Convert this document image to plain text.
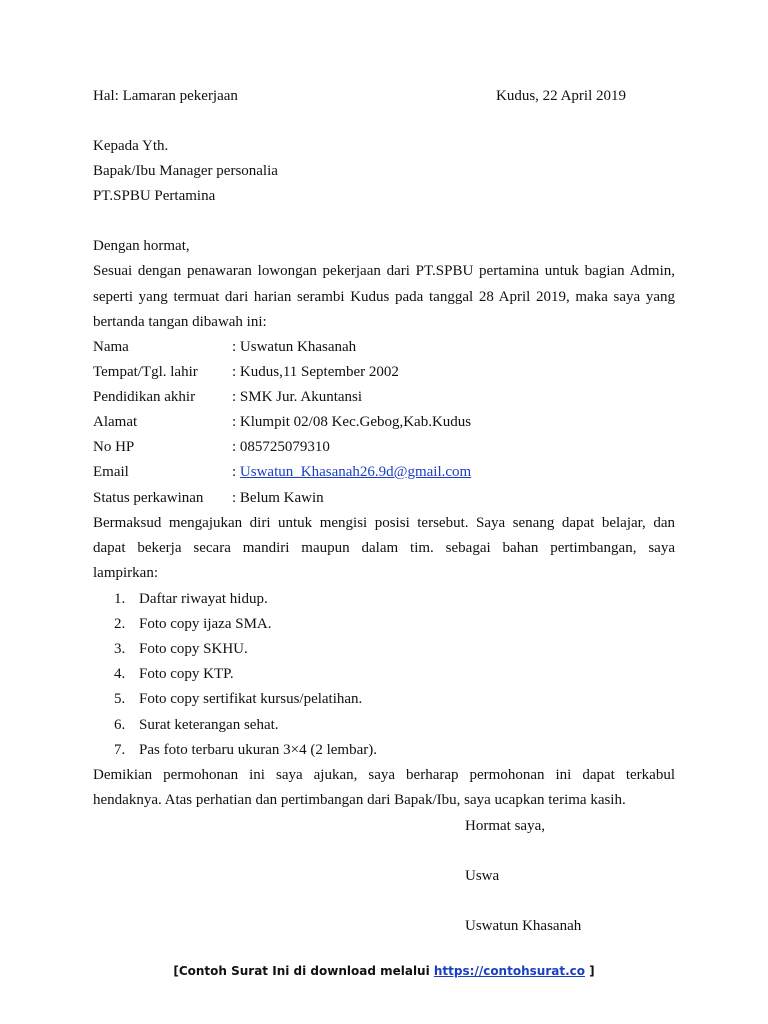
Hal: Lamaran pekerjaan	Kudus, 22 April 2019
Kepada Yth.
Bapak/Ibu Manager personalia
PT.SPBU Pertamina
Dengan hormat,
Sesuai dengan penawaran lowongan pekerjaan dari PT.SPBU pertamina untuk bagian Admin,
seperti yang termuat dari harian serambi Kudus pada tanggal 28 April 2019, maka saya yang
bertanda tangan dibawah ini:
Nama	: Uswatun Khasanah
Tempat/Tgl. lahir : Kudus,11 September 2002
Pendidikan akhir : SMK Jur. Akuntansi
Alamat	: Klumpit 02/08 Kec.Gebog,Kab.Kudus
No HP	: 085725079310
Email	: Uswatun_Khasanah26.9d@gmail.com
Status perkawinan : Belum Kawin
Bermaksud mengajukan diri untuk mengisi posisi tersebut. Saya senang dapat belajar, dan
dapat bekerja secara mandiri maupun dalam tim. sebagai bahan pertimbangan, saya
lampirkan:
1. Daftar riwayat hidup.
2. Foto copy ijaza SMA.
3. Foto copy SKHU.
4. Foto copy KTP.
5. Foto copy sertifikat kursus/pelatihan.
6. Surat keterangan sehat.
7. Pas foto terbaru ukuran 3×4 (2 lembar).
Demikian permohonan ini saya ajukan, saya berharap permohonan ini dapat terkabul
hendaknya. Atas perhatian dan pertimbangan dari Bapak/Ibu, saya ucapkan terima kasih.
Hormat saya,
Uswa
Uswatun Khasanah
[Contoh Surat Ini di download melalui https://contohsurat.co ]
